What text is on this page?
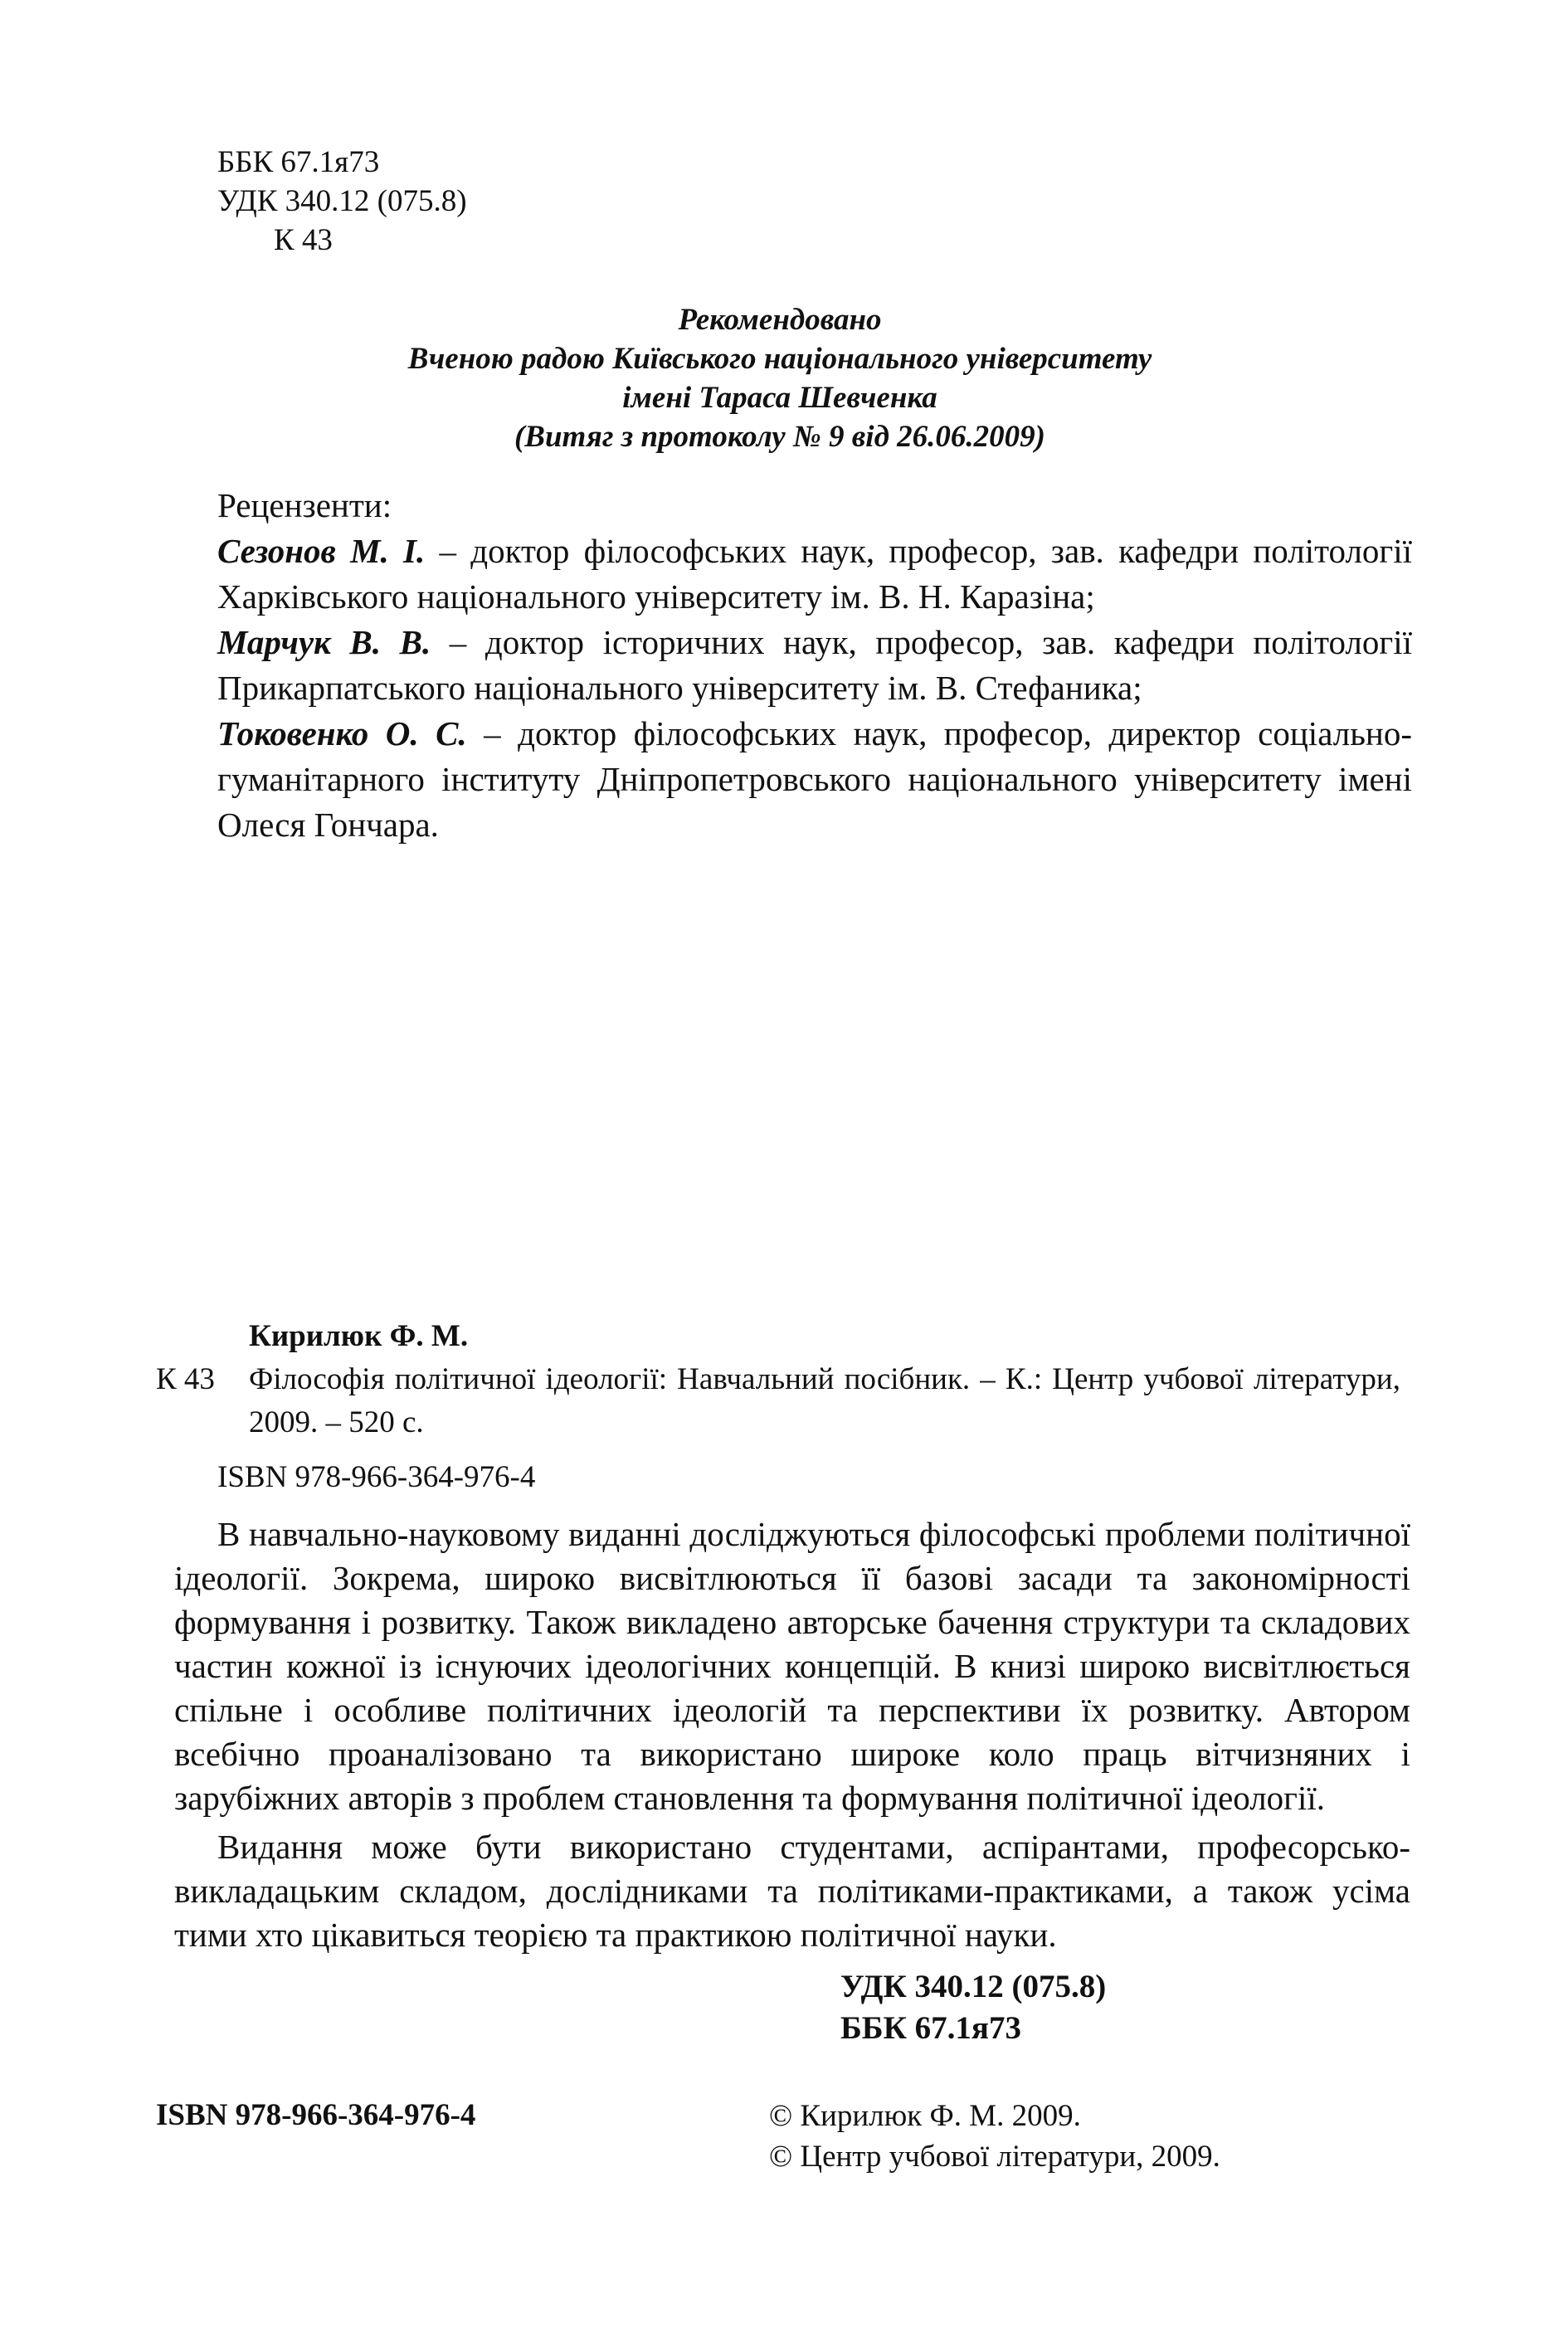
ББК 67.1я73
УДК 340.12 (075.8)
К 43
Рекомендовано
Вченою радою Київського національного університету
імені Тараса Шевченка
(Витяг з протоколу № 9 від 26.06.2009)

Рецензенти:

Сезонов М. І. – доктор філософських наук, професор, зав. кафедри політології Харківського національного університету ім. В. Н. Каразіна;

Марчук В. В. – доктор історичних наук, професор, зав. кафедри політології Прикарпатського національного університету ім. В. Стефаника;

Токовенко О. С. – доктор філософських наук, професор, директор соціально-гуманітарного інституту Дніпропетровського національного університету імені Олеся Гончара.

Кирилюк Ф. М.
К 43 Філософія політичної ідеології: Навчальний посібник. – К.: Центр учбової літератури, 2009. – 520 с.
ISBN 978-966-364-976-4

В навчально-науковому виданні досліджуються філософські проблеми політичної ідеології. Зокрема, широко висвітлюються її базові засади та закономірності формування і розвитку. Також викладено авторське бачення структури та складових частин кожної із існуючих ідеологічних концепцій. В книзі широко висвітлюється спільне і особливе політичних ідеологій та перспективи їх розвитку. Автором всебічно проаналізовано та використано широке коло праць вітчизняних і зарубіжних авторів з проблем становлення та формування політичної ідеології.

Видання може бути використано студентами, аспірантами, професорсько-викладацьким складом, дослідниками та політиками-практиками, а також усіма тими хто цікавиться теорією та практикою політичної науки.

УДК 340.12 (075.8)
ББК 67.1я73
ISBN 978-966-364-976-4	© Кирилюк Ф. М. 2009.
© Центр учбової літератури, 2009.
